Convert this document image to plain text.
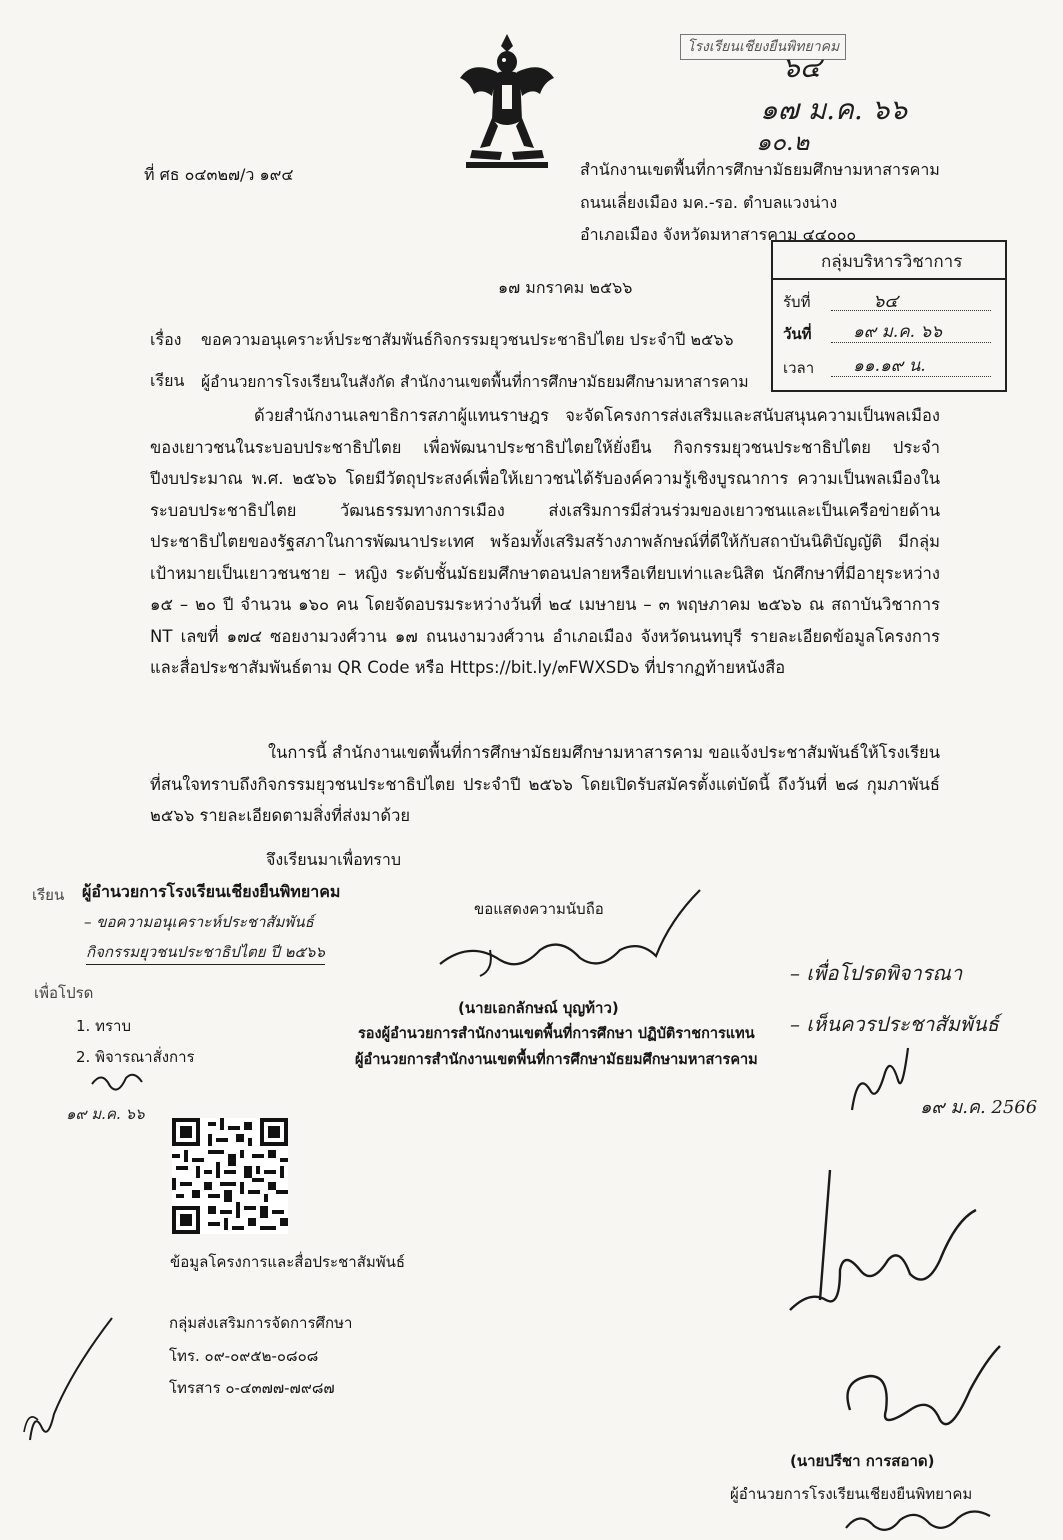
โรงเรียนเชียงยืนพิทยาคม
๖๔
๑๗ ม.ค. ๖๖
๑๐.๒
ที่ ศธ ๐๔๓๒๗/ว ๑๙๔	สำนักงานเขตพื้นที่การศึกษามัธยมศึกษามหาสารคาม
ถนนเลี่ยงเมือง มค.-รอ. ตำบลแวงน่าง
อำเภอเมือง จังหวัดมหาสารคาม ๔๔๐๐๐
กลุ่มบริหารวิชาการ
รับที่	๖๔
วันที่ ๑๙ ม.ค. ๖๖
เวลา ๑๑.๑๙ น.
๑๗ มกราคม ๒๕๖๖
เรื่อง ขอความอนุเคราะห์ประชาสัมพันธ์กิจกรรมยุวชนประชาธิปไตย ประจำปี ๒๕๖๖
เรียน ผู้อำนวยการโรงเรียนในสังกัด สำนักงานเขตพื้นที่การศึกษามัธยมศึกษามหาสารคาม

ด้วยสำนักงานเลขาธิการสภาผู้แทนราษฎร จะจัดโครงการส่งเสริมและสนับสนุนความเป็นพลเมืองของเยาวชนในระบอบประชาธิปไตย เพื่อพัฒนาประชาธิปไตยให้ยั่งยืน กิจกรรมยุวชนประชาธิปไตย ประจำปีงบประมาณ พ.ศ. ๒๕๖๖ โดยมีวัตถุประสงค์เพื่อให้เยาวชนได้รับองค์ความรู้เชิงบูรณาการ ความเป็นพลเมืองในระบอบประชาธิปไตย วัฒนธรรมทางการเมือง ส่งเสริมการมีส่วนร่วมของเยาวชนและเป็นเครือข่ายด้านประชาธิปไตยของรัฐสภาในการพัฒนาประเทศ พร้อมทั้งเสริมสร้างภาพลักษณ์ที่ดีให้กับสถาบันนิติบัญญัติ มีกลุ่มเป้าหมายเป็นเยาวชนชาย – หญิง ระดับชั้นมัธยมศึกษาตอนปลายหรือเทียบเท่าและนิสิต นักศึกษาที่มีอายุระหว่าง ๑๕ – ๒๐ ปี จำนวน ๑๖๐ คน โดยจัดอบรมระหว่างวันที่ ๒๔ เมษายน – ๓ พฤษภาคม ๒๕๖๖ ณ สถาบันวิชาการ NT เลขที่ ๑๗๔ ซอยงามวงศ์วาน ๑๗ ถนนงามวงศ์วาน อำเภอเมือง จังหวัดนนทบุรี รายละเอียดข้อมูลโครงการและสื่อประชาสัมพันธ์ตาม QR Code หรือ Https://bit.ly/๓FWXSD๖ ที่ปรากฏท้ายหนังสือ

ในการนี้ สำนักงานเขตพื้นที่การศึกษามัธยมศึกษามหาสารคาม ขอแจ้งประชาสัมพันธ์ให้โรงเรียนที่สนใจทราบถึงกิจกรรมยุวชนประชาธิปไตย ประจำปี ๒๕๖๖ โดยเปิดรับสมัครตั้งแต่บัดนี้ ถึงวันที่ ๒๘ กุมภาพันธ์ ๒๕๖๖ รายละเอียดตามสิ่งที่ส่งมาด้วย

จึงเรียนมาเพื่อทราบ
ขอแสดงความนับถือ
(นายเอกลักษณ์ บุญท้าว)
รองผู้อำนวยการสำนักงานเขตพื้นที่การศึกษา ปฏิบัติราชการแทน
ผู้อำนวยการสำนักงานเขตพื้นที่การศึกษามัธยมศึกษามหาสารคาม
เรียน ผู้อำนวยการโรงเรียนเชียงยืนพิทยาคม
– ขอความอนุเคราะห์ประชาสัมพันธ์
กิจกรรมยุวชนประชาธิปไตย ปี ๒๕๖๖
เพื่อโปรด
1. ทราบ
2. พิจารณาสั่งการ
๑๙ ม.ค. ๖๖
– เพื่อโปรดพิจารณา
– เห็นควรประชาสัมพันธ์
๑๙ ม.ค. 2566
ข้อมูลโครงการและสื่อประชาสัมพันธ์
กลุ่มส่งเสริมการจัดการศึกษา
โทร. ๐๙-๐๙๕๒-๐๘๐๘
โทรสาร ๐-๔๓๗๗-๗๙๘๗
(นายปรีชา การสอาด)
ผู้อำนวยการโรงเรียนเชียงยืนพิทยาคม
